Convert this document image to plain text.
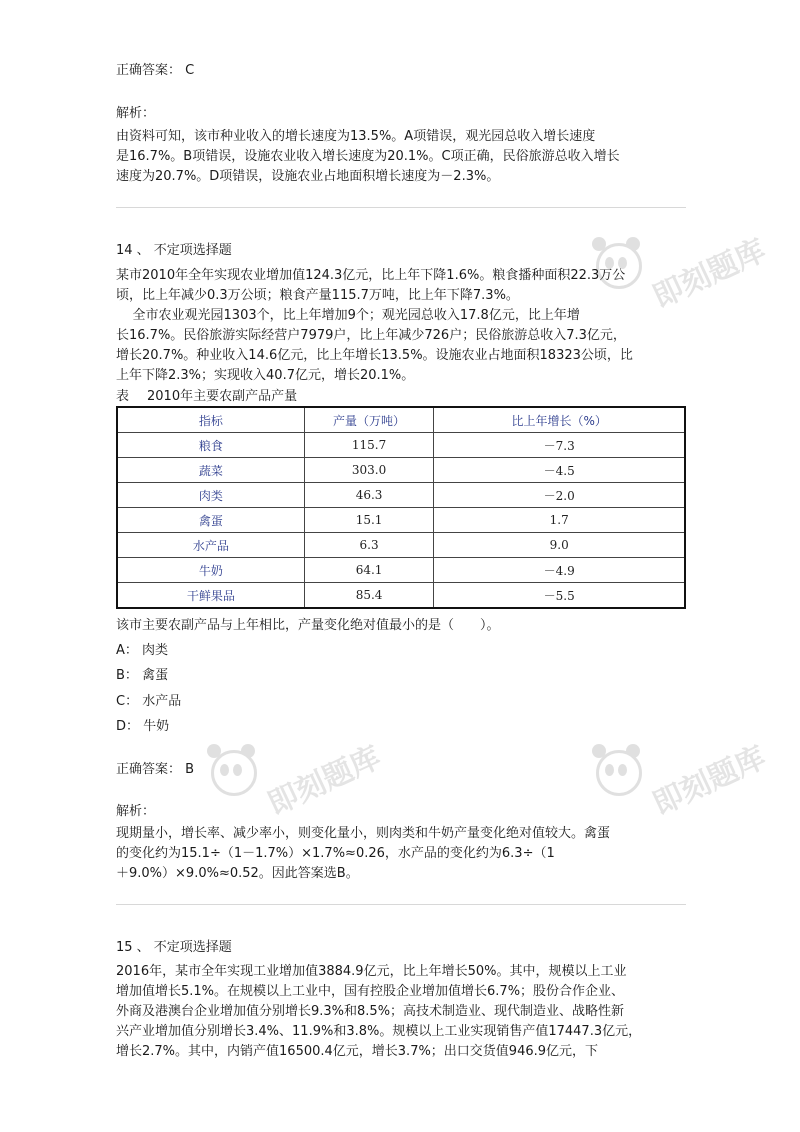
即刻题库
即刻题库	即刻题库
正确答案： C
解析：

由资料可知，该市种业收入的增长速度为13.5%。A项错误，观光园总收入增长速度

是16.7%。B项错误，设施农业收入增长速度为20.1%。C项正确，民俗旅游总收入增长

速度为20.7%。D项错误，设施农业占地面积增长速度为－2.3%。

14 、 不定项选择题

某市2010年全年实现农业增加值124.3亿元，比上年下降1.6%。粮食播种面积22.3万公

顷，比上年减少0.3万公顷；粮食产量115.7万吨，比上年下降7.3%。

全市农业观光园1303个，比上年增加9个；观光园总收入17.8亿元，比上年增

长16.7%。民俗旅游实际经营户7979户，比上年减少726户；民俗旅游总收入7.3亿元，

增长20.7%。种业收入14.6亿元，比上年增长13.5%。设施农业占地面积18323公顷，比

上年下降2.3%；实现收入40.7亿元，增长20.1%。

表 2010年主要农副产品产量
指标	产量（万吨）	比上年增长（%）
粮食	115.7	－7.3
蔬菜	303.0	－4.5
肉类	46.3	－2.0
禽蛋	15.1	1.7
水产品	6.3	9.0
牛奶	64.1	－4.9
干鲜果品	85.4	－5.5
该市主要农副产品与上年相比，产量变化绝对值最小的是（　　）。
A： 肉类
B： 禽蛋
C： 水产品
D： 牛奶
正确答案： B
解析：

现期量小，增长率、减少率小，则变化量小，则肉类和牛奶产量变化绝对值较大。禽蛋

的变化约为15.1÷（1－1.7%）×1.7%≈0.26，水产品的变化约为6.3÷（1

＋9.0%）×9.0%≈0.52。因此答案选B。

15 、 不定项选择题

2016年，某市全年实现工业增加值3884.9亿元，比上年增长50%。其中，规模以上工业

增加值增长5.1%。在规模以上工业中，国有控股企业增加值增长6.7%；股份合作企业、

外商及港澳台企业增加值分别增长9.3%和8.5%；高技术制造业、现代制造业、战略性新

兴产业增加值分别增长3.4%、11.9%和3.8%。规模以上工业实现销售产值17447.3亿元，

增长2.7%。其中，内销产值16500.4亿元，增长3.7%；出口交货值946.9亿元，下
